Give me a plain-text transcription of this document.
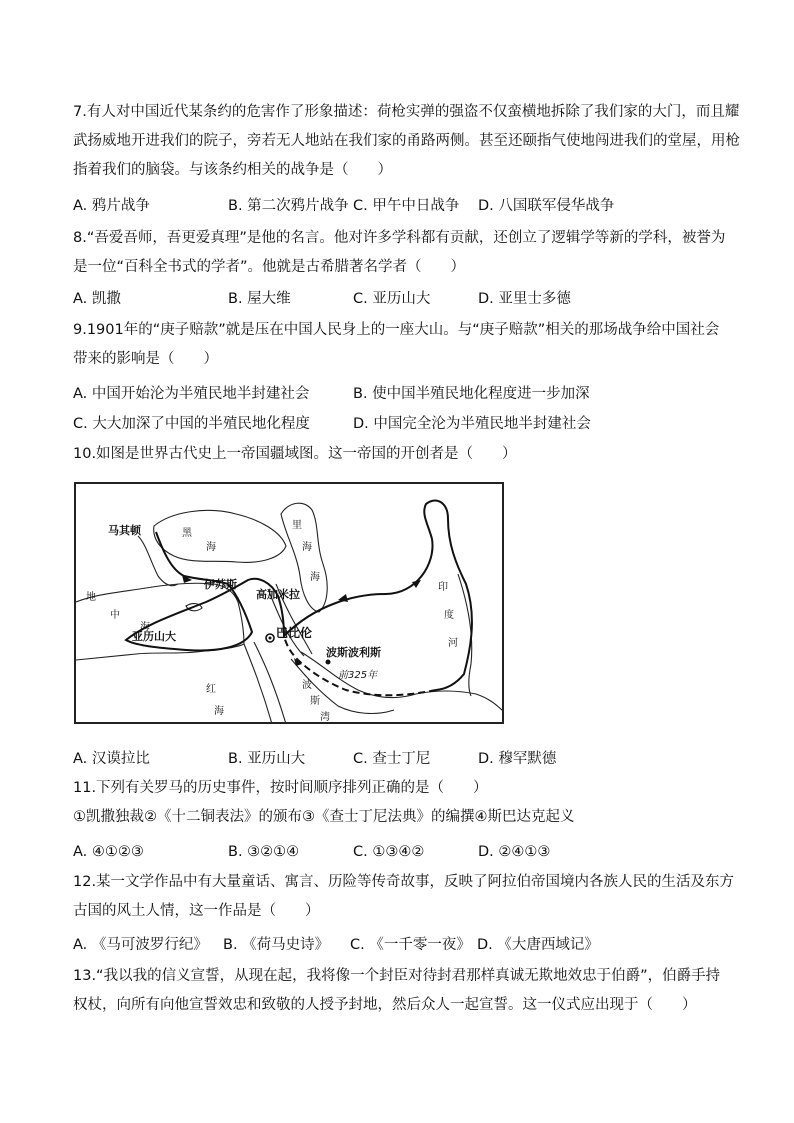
7.有人对中国近代某条约的危害作了形象描述：荷枪实弹的强盗不仅蛮横地拆除了我们家的大门，而且耀
武扬威地开进我们的院子，旁若无人地站在我们家的甬路两侧。甚至还颐指气使地闯进我们的堂屋，用枪
指着我们的脑袋。与该条约相关的战争是（　　）
A. 鸦片战争	B. 第二次鸦片战争 C. 甲午中日战争 D. 八国联军侵华战争
8.“吾爱吾师，吾更爱真理”是他的名言。他对许多学科都有贡献，还创立了逻辑学等新的学科，被誉为
是一位“百科全书式的学者”。他就是古希腊著名学者（　　）
A. 凯撒	B. 屋大维	C. 亚历山大	D. 亚里士多德
9.1901年的“庚子赔款”就是压在中国人民身上的一座大山。与“庚子赔款”相关的那场战争给中国社会
带来的影响是（　　）
A. 中国开始沦为半殖民地半封建社会	B. 使中国半殖民地化程度进一步加深
C. 大大加深了中国的半殖民地化程度	D. 中国完全沦为半殖民地半封建社会
10.如图是世界古代史上一帝国疆域图。这一帝国的开创者是（　　）
马其顿	黑
海
里
海
海
地
中
海
伊苏斯
高加米拉
巴比伦
亚历山大
波斯波利斯
前325年
印
度
河
波
斯
湾
红
海
A. 汉谟拉比	B. 亚历山大	C. 查士丁尼	D. 穆罕默德
11.下列有关罗马的历史事件，按时间顺序排列正确的是（　　）
①凯撒独裁②《十二铜表法》的颁布③《查士丁尼法典》的编撰④斯巴达克起义
A. ④①②③	B. ③②①④	C. ①③④②	D. ②④①③
12.某一文学作品中有大量童话、寓言、历险等传奇故事，反映了阿拉伯帝国境内各族人民的生活及东方
古国的风土人情，这一作品是（　　）
A. 《马可波罗行纪》 B. 《荷马史诗》 C. 《一千零一夜》 D. 《大唐西域记》
13.“我以我的信义宣誓，从现在起，我将像一个封臣对待封君那样真诚无欺地效忠于伯爵”，伯爵手持
权杖，向所有向他宣誓效忠和致敬的人授予封地，然后众人一起宣誓。这一仪式应出现于（　　）
